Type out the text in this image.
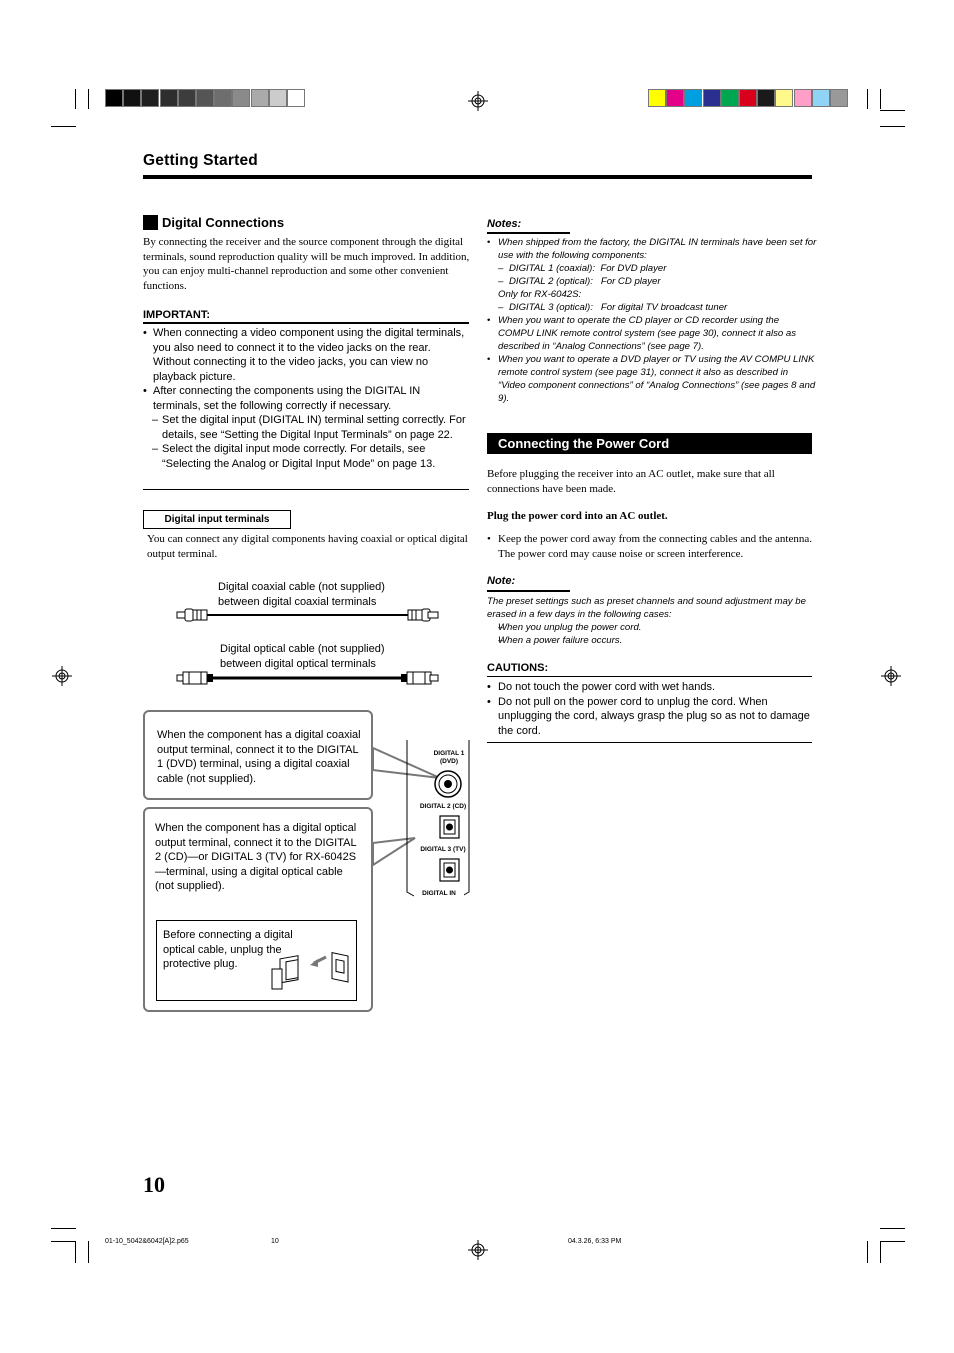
Getting Started
Digital Connections
By connecting the receiver and the source component through the digital terminals, sound reproduction quality will be much improved. In addition, you can enjoy multi-channel reproduction and some other convenient functions.
IMPORTANT:
• When connecting a video component using the digital terminals, you also need to connect it to the video jacks on the rear. Without connecting it to the video jacks, you can view no playback picture.
• After connecting the components using the DIGITAL IN terminals, set the following correctly if necessary.
– Set the digital input (DIGITAL IN) terminal setting correctly. For details, see “Setting the Digital Input Terminals” on page 22.
– Select the digital input mode correctly. For details, see “Selecting the Analog or Digital Input Mode” on page 13.
Digital input terminals
You can connect any digital components having coaxial or optical digital output terminal.
Digital coaxial cable (not supplied)
between digital coaxial terminals
Digital optical cable (not supplied)
between digital optical terminals
When the component has a digital coaxial output terminal, connect it to the DIGITAL 1 (DVD) terminal, using a digital coaxial cable (not supplied).
When the component has a digital optical output terminal, connect it to the DIGITAL 2 (CD)—or DIGITAL 3 (TV) for RX-6042S—terminal, using a digital optical cable (not supplied).
Before connecting a digital optical cable, unplug the protective plug.
DIGITAL 1
(DVD)
DIGITAL 2 (CD)
DIGITAL 3 (TV)
DIGITAL IN
Notes:
• When shipped from the factory, the DIGITAL IN terminals have been set for use with the following components:
– DIGITAL 1 (coaxial):  For DVD player
– DIGITAL 2 (optical):   For CD player
Only for RX-6042S:
– DIGITAL 3 (optical):   For digital TV broadcast tuner
• When you want to operate the CD player or CD recorder using the COMPU LINK remote control system (see page 30), connect it also as described in “Analog Connections” (see page 7).
• When you want to operate a DVD player or TV using the AV COMPU LINK remote control system (see page 31), connect it also as described in “Video component connections” of “Analog Connections” (see pages 8 and 9).
Connecting the Power Cord
Before plugging the receiver into an AC outlet, make sure that all connections have been made.
Plug the power cord into an AC outlet.
• Keep the power cord away from the connecting cables and the antenna. The power cord may cause noise or screen interference.
Note:
The preset settings such as preset channels and sound adjustment may be erased in a few days in the following cases:
– When you unplug the power cord.
– When a power failure occurs.
CAUTIONS:
• Do not touch the power cord with wet hands.
• Do not pull on the power cord to unplug the cord. When unplugging the cord, always grasp the plug so as not to damage the cord.
10
01-10_5042&6042[A]2.p65	10	04.3.26, 6:33 PM
